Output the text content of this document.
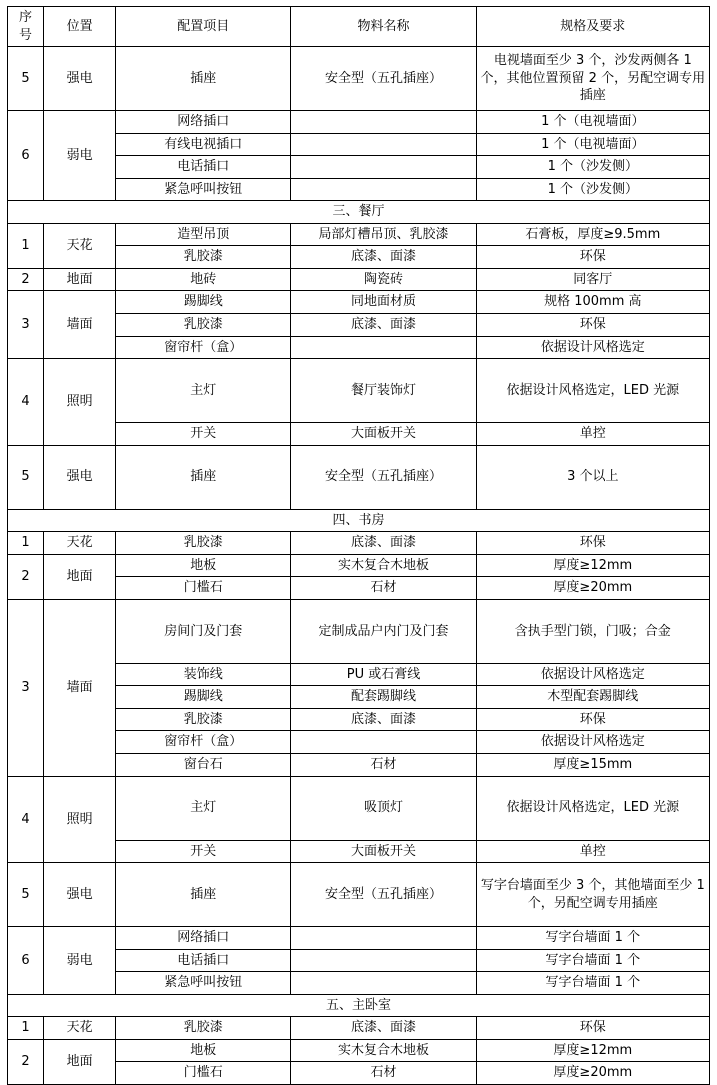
序
号	位置	配置项目	物料名称	规格及要求
5	强电	插座	安全型（五孔插座）	电视墙面至少 3 个，沙发两侧各 1 个，其他位置预留 2 个，另配空调专用插座
6	弱电	网络插口		1 个（电视墙面）
		有线电视插口		1 个（电视墙面）
		电话插口		1 个（沙发侧）
		紧急呼叫按钮		1 个（沙发侧）
三、餐厅				
1	天花	造型吊顶	局部灯槽吊顶、乳胶漆	石膏板，厚度≥9.5mm
		乳胶漆	底漆、面漆	环保
2	地面	地砖	陶瓷砖	同客厅
3	墙面	踢脚线	同地面材质	规格 100mm 高
		乳胶漆	底漆、面漆	环保
		窗帘杆（盒）		依据设计风格选定
4	照明	主灯	餐厅装饰灯	依据设计风格选定，LED 光源
		开关	大面板开关	单控
5	强电	插座	安全型（五孔插座）	3 个以上
四、书房				
1	天花	乳胶漆	底漆、面漆	环保
2	地面	地板	实木复合木地板	厚度≥12mm
		门槛石	石材	厚度≥20mm
3	墙面	房间门及门套	定制成品户内门及门套	含执手型门锁，门吸；合金
		装饰线	PU 或石膏线	依据设计风格选定
		踢脚线	配套踢脚线	木型配套踢脚线
		乳胶漆	底漆、面漆	环保
		窗帘杆（盒）		依据设计风格选定
		窗台石	石材	厚度≥15mm
4	照明	主灯	吸顶灯	依据设计风格选定，LED 光源
		开关	大面板开关	单控
5	强电	插座	安全型（五孔插座）	写字台墙面至少 3 个，其他墙面至少 1 个，另配空调专用插座
6	弱电	网络插口		写字台墙面 1 个
		电话插口		写字台墙面 1 个
		紧急呼叫按钮		写字台墙面 1 个
五、主卧室				
1	天花	乳胶漆	底漆、面漆	环保
2	地面	地板	实木复合木地板	厚度≥12mm
		门槛石	石材	厚度≥20mm
